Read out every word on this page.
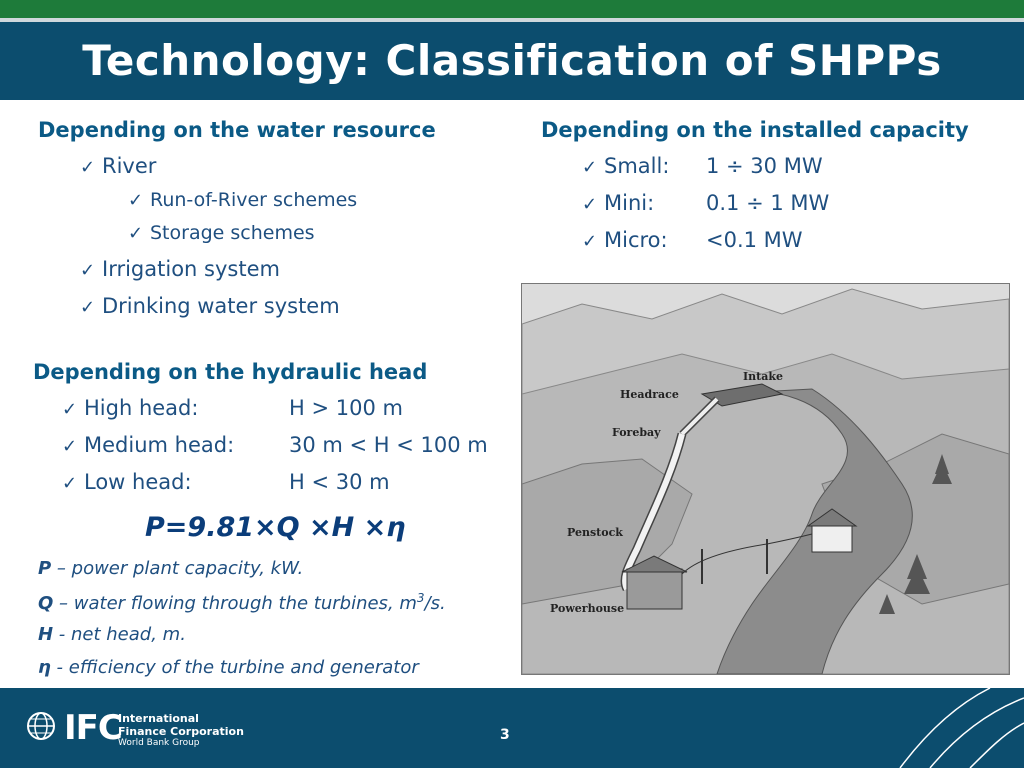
Technology: Classification of SHPPs
Depending on the water resource
✓ River
✓ Run-of-River schemes
✓ Storage schemes
✓ Irrigation system
✓ Drinking water system
Depending on the installed capacity
✓ Small: 1 ÷ 30 MW
✓ Mini: 0.1 ÷ 1 MW
✓ Micro: <0.1 MW
Depending on the hydraulic head
✓ High head:	H > 100 m
✓ Medium head:	30 m < H < 100 m
✓ Low head:	H < 30 m
P=9.81×Q ×H ×η
P – power plant capacity, kW.
Q – water flowing through the turbines, $m^3/s$.
H - net head, m.
η - efficiency of the turbine and generator
Intake
Headrace
Forebay
Penstock
Powerhouse
IFC
International
Finance Corporation
World Bank Group	3
